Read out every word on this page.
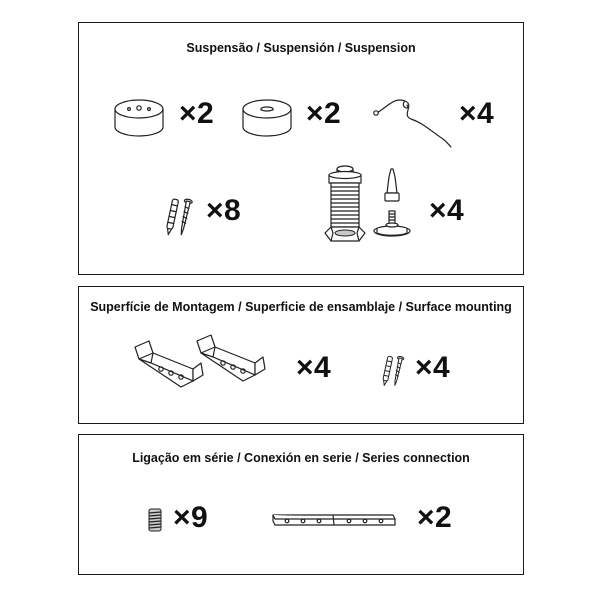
Suspensão / Suspensión / Suspension
×2	×2	×4
×8	×4
Superfície de Montagem / Superficie de ensamblaje / Surface mounting
×4	×4
Ligação em série / Conexión en serie / Series connection
×9	×2
